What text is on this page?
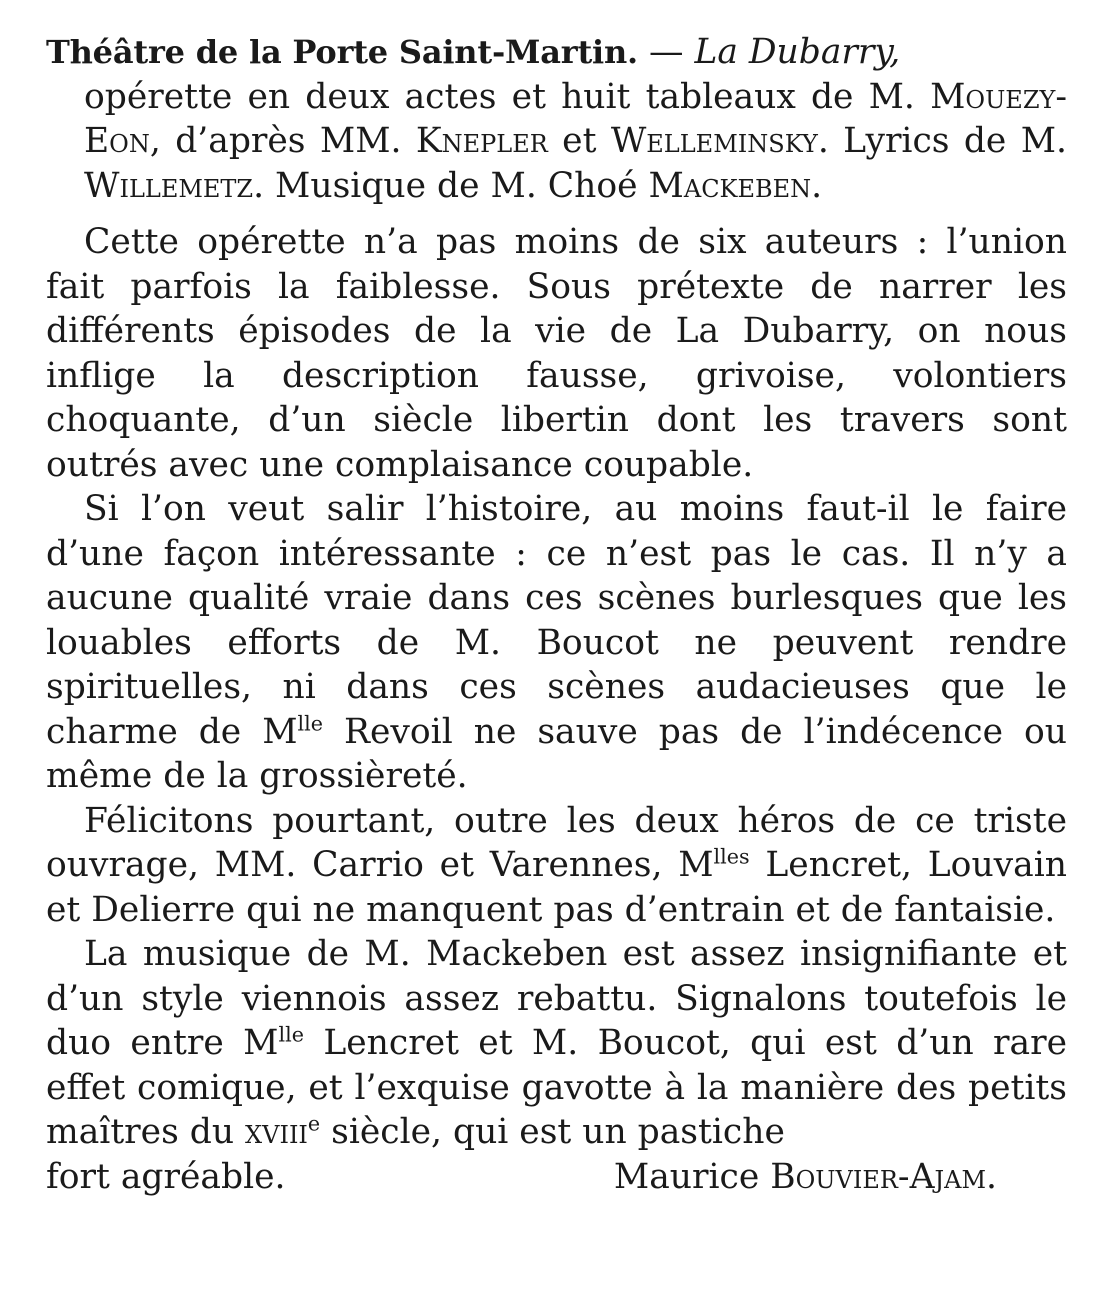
Théâtre de la Porte Saint-Martin. — La Dubarry,
opérette en deux actes et huit tableaux de M. Mouezy-Eon, d’après MM. Knepler et Welleminsky. Lyrics de M. Willemetz. Musique de M. Choé Mackeben.

Cette opérette n’a pas moins de six auteurs : l’union fait parfois la faiblesse. Sous prétexte de narrer les différents épisodes de la vie de La Dubarry, on nous inflige la description fausse, grivoise, volontiers choquante, d’un siècle libertin dont les travers sont outrés avec une complaisance coupable.

Si l’on veut salir l’histoire, au moins faut-il le faire d’une façon intéressante : ce n’est pas le cas. Il n’y a aucune qualité vraie dans ces scènes burlesques que les louables efforts de M. Boucot ne peuvent rendre spirituelles, ni dans ces scènes audacieuses que le charme de $M^{lle}$ Revoil ne sauve pas de l’indécence ou même de la grossièreté.

Félicitons pourtant, outre les deux héros de ce triste ouvrage, MM. Carrio et Varennes, $M^{lles}$ Lencret, Louvain et Delierre qui ne manquent pas d’entrain et de fantaisie.

La musique de M. Mackeben est assez insignifiante et d’un style viennois assez rebattu. Signalons toutefois le duo entre $M^{lle}$ Lencret et M. Boucot, qui est d’un rare effet comique, et l’exquise gavotte à la manière des petits maîtres du xviii$^e$ siècle, qui est un pastiche

fort agréable.	Maurice Bouvier-Ajam.
